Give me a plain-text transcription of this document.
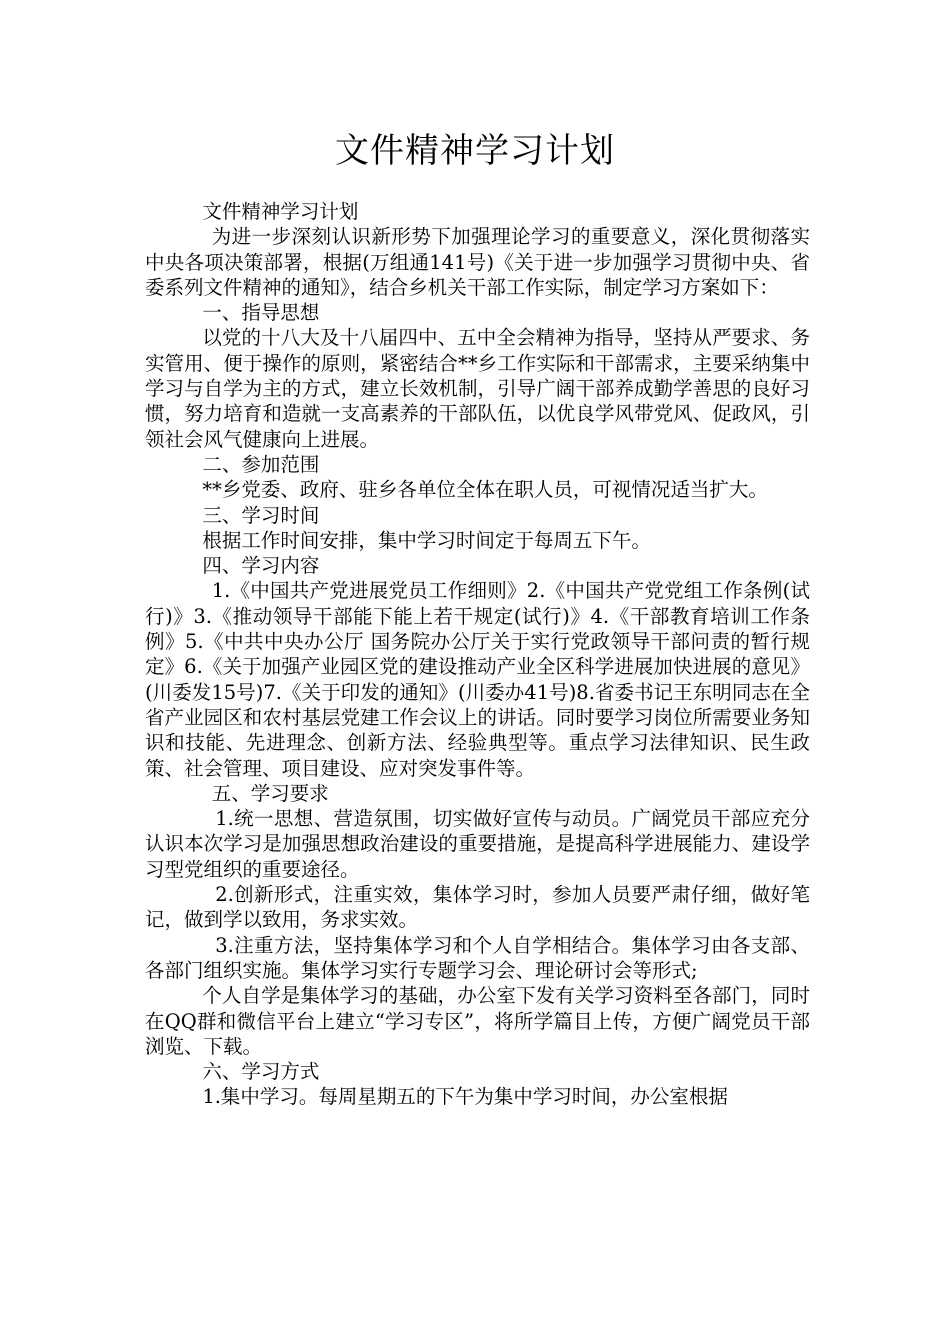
文件精神学习计划

文件精神学习计划

为进一步深刻认识新形势下加强理论学习的重要意义，深化贯彻落实中央各项决策部署，根据(万组通141号)《关于进一步加强学习贯彻中央、省委系列文件精神的通知》，结合乡机关干部工作实际，制定学习方案如下：

一、指导思想

以党的十八大及十八届四中、五中全会精神为指导，坚持从严要求、务实管用、便于操作的原则，紧密结合**乡工作实际和干部需求，主要采纳集中学习与自学为主的方式，建立长效机制，引导广阔干部养成勤学善思的良好习惯，努力培育和造就一支高素养的干部队伍，以优良学风带党风、促政风，引领社会风气健康向上进展。

二、参加范围

**乡党委、政府、驻乡各单位全体在职人员，可视情况适当扩大。

三、学习时间

根据工作时间安排，集中学习时间定于每周五下午。

四、学习内容

1.《中国共产党进展党员工作细则》2.《中国共产党党组工作条例(试行)》3.《推动领导干部能下能上若干规定(试行)》4.《干部教育培训工作条例》5.《中共中央办公厅 国务院办公厅关于实行党政领导干部问责的暂行规定》6.《关于加强产业园区党的建设推动产业全区科学进展加快进展的意见》(川委发15号)7.《关于印发的通知》(川委办41号)8.省委书记王东明同志在全省产业园区和农村基层党建工作会议上的讲话。同时要学习岗位所需要业务知识和技能、先进理念、创新方法、经验典型等。重点学习法律知识、民生政策、社会管理、项目建设、应对突发事件等。

五、学习要求

1.统一思想、营造氛围，切实做好宣传与动员。广阔党员干部应充分认识本次学习是加强思想政治建设的重要措施，是提高科学进展能力、建设学习型党组织的重要途径。

2.创新形式，注重实效，集体学习时，参加人员要严肃仔细，做好笔记，做到学以致用，务求实效。

3.注重方法，坚持集体学习和个人自学相结合。集体学习由各支部、各部门组织实施。集体学习实行专题学习会、理论研讨会等形式;

个人自学是集体学习的基础，办公室下发有关学习资料至各部门，同时在QQ群和微信平台上建立“学习专区”，将所学篇目上传，方便广阔党员干部浏览、下载。

六、学习方式

1.集中学习。每周星期五的下午为集中学习时间，办公室根据
